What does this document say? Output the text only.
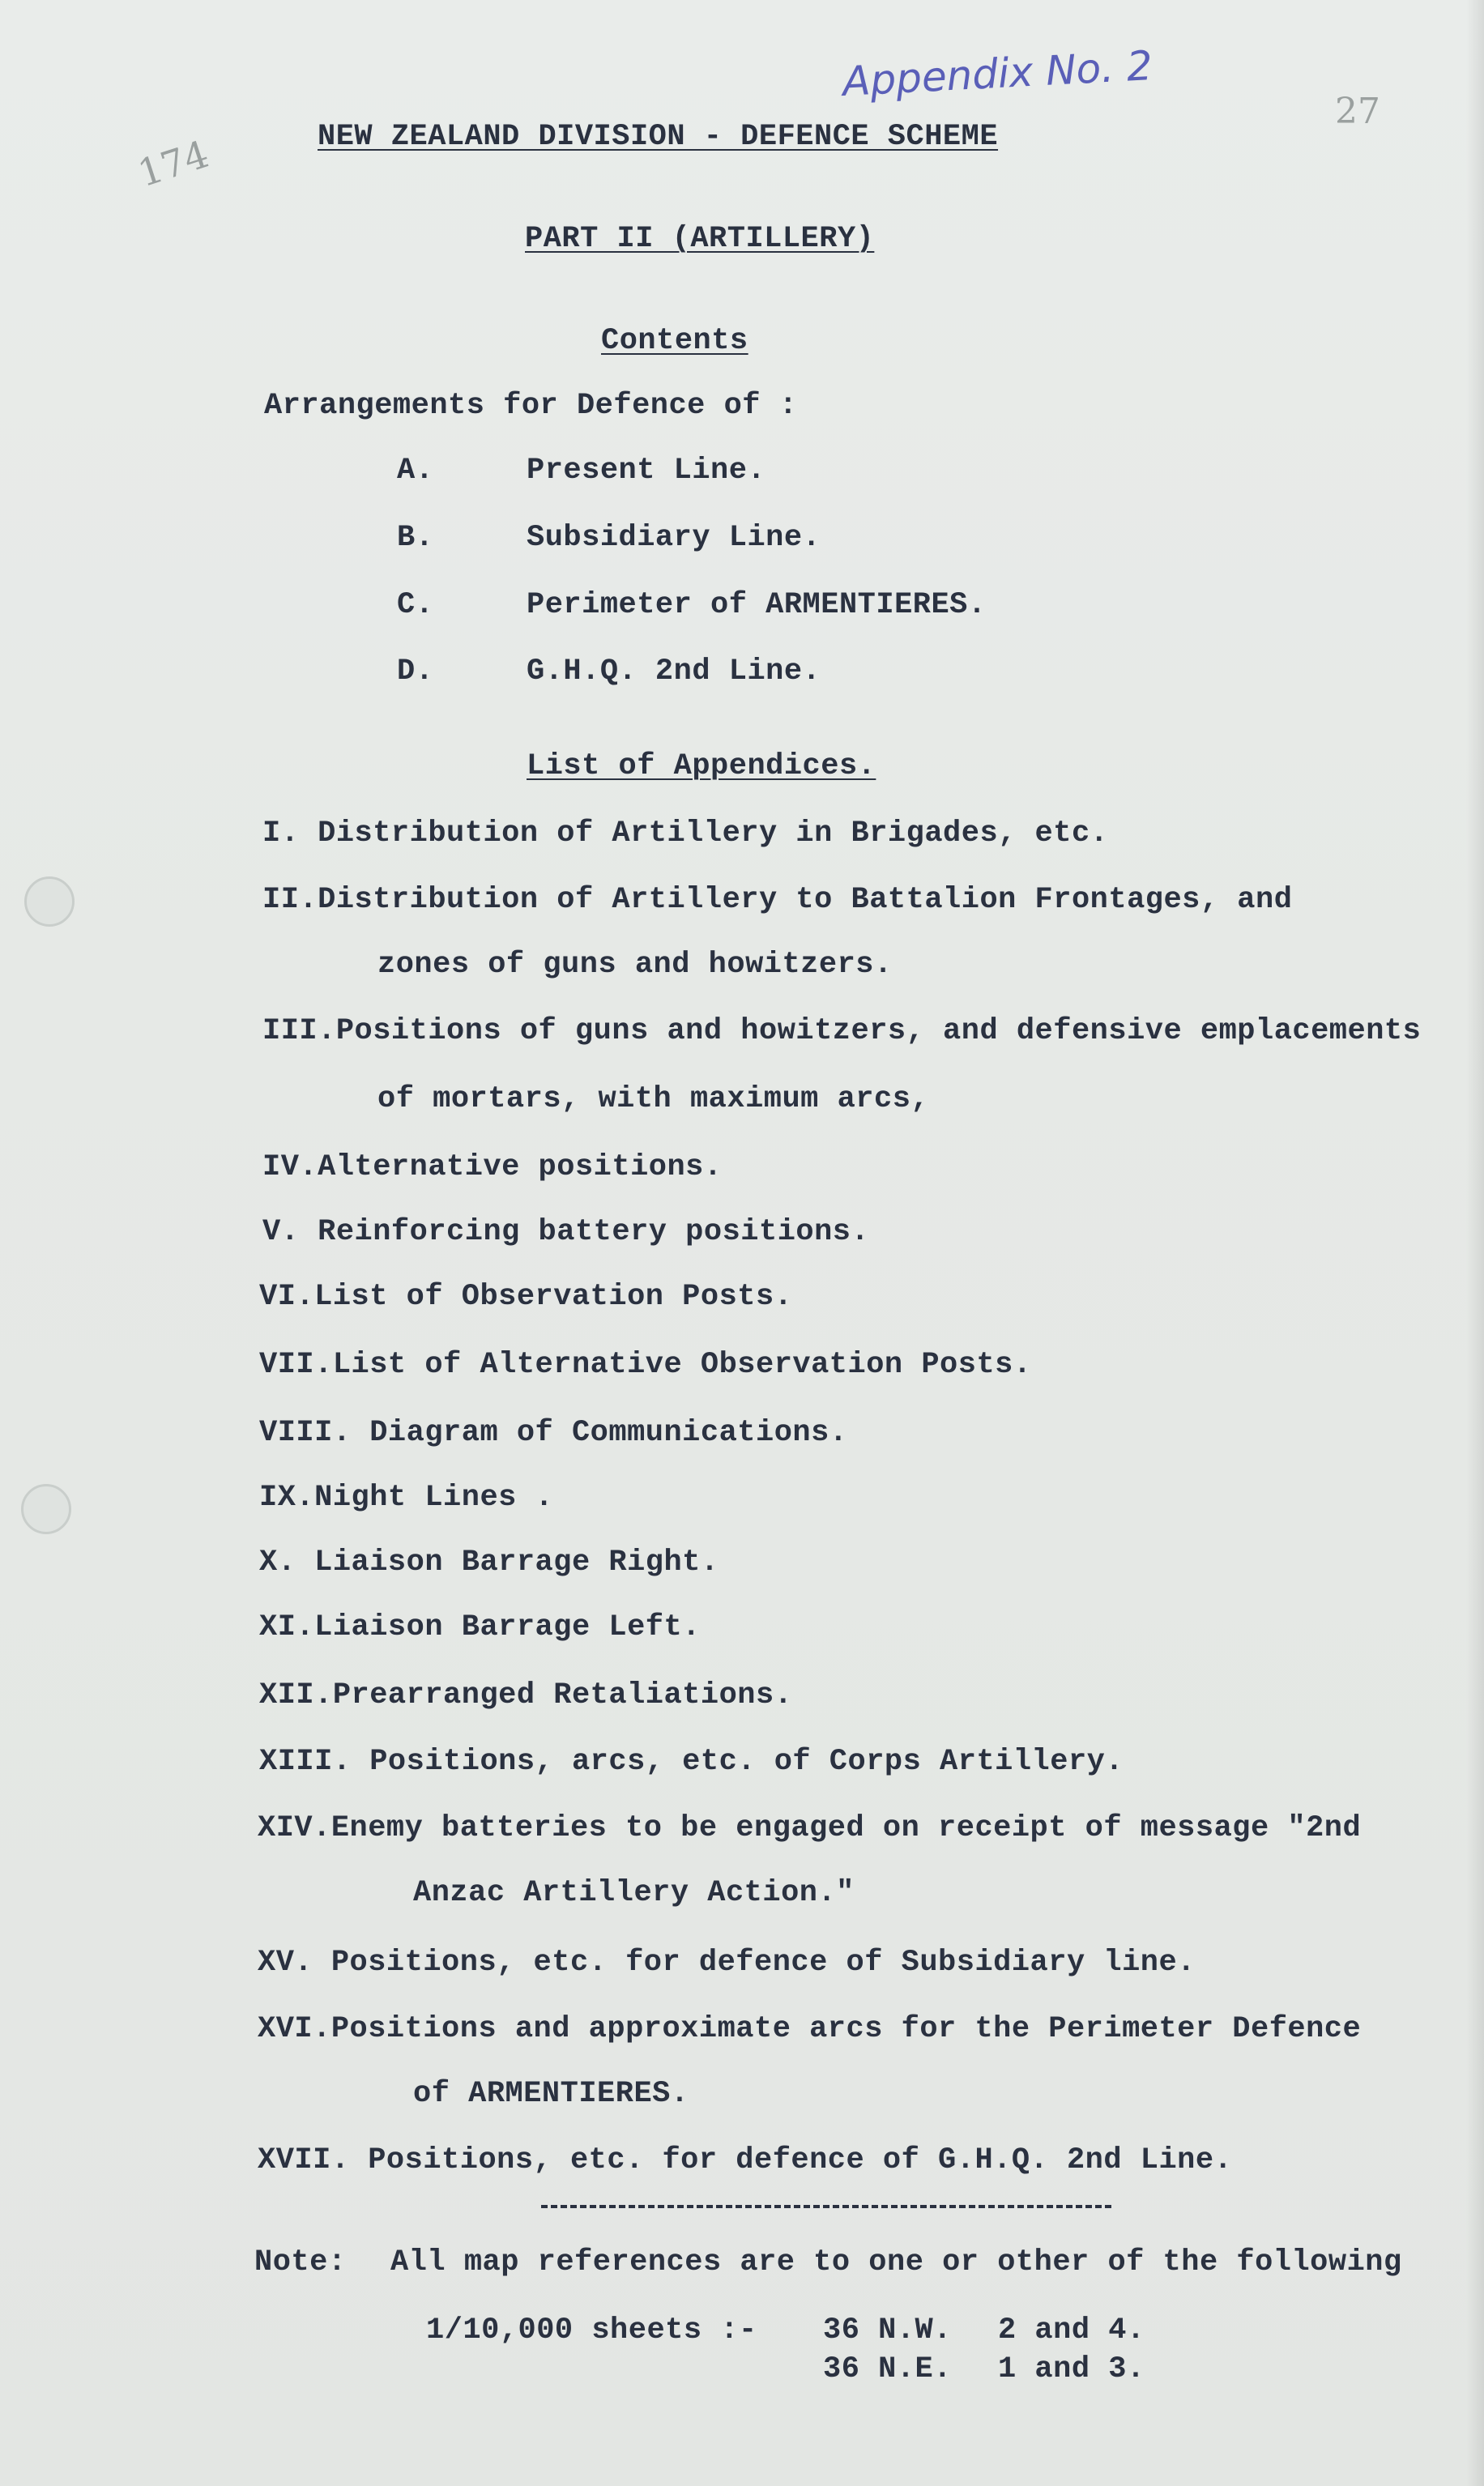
Appendix No. 2
174
27
NEW ZEALAND DIVISION - DEFENCE SCHEME
PART II (ARTILLERY)
Contents
Arrangements for Defence of :
A.	Present Line.
B.	Subsidiary Line.
C.	Perimeter of ARMENTIERES.
D.	G.H.Q. 2nd Line.
List of Appendices.
I. Distribution of Artillery in Brigades, etc.
II.Distribution of Artillery to Battalion Frontages, and
zones of guns and howitzers.
III.Positions of guns and howitzers, and defensive emplacements
of mortars, with maximum arcs,
IV.Alternative positions.
V. Reinforcing battery positions.
VI.List of Observation Posts.
VII.List of Alternative Observation Posts.
VIII. Diagram of Communications.
IX.Night Lines .
X. Liaison Barrage Right.
XI.Liaison Barrage Left.
XII.Prearranged Retaliations.
XIII. Positions, arcs, etc. of Corps Artillery.
XIV.Enemy batteries to be engaged on receipt of message "2nd
Anzac Artillery Action."
XV. Positions, etc. for defence of Subsidiary line.
XVI.Positions and approximate arcs for the Perimeter Defence
of ARMENTIERES.
XVII. Positions, etc. for defence of G.H.Q. 2nd Line.
Note: All map references are to one or other of the following
1/10,000 sheets :- 36 N.W. 2 and 4.
36 N.E. 1 and 3.
